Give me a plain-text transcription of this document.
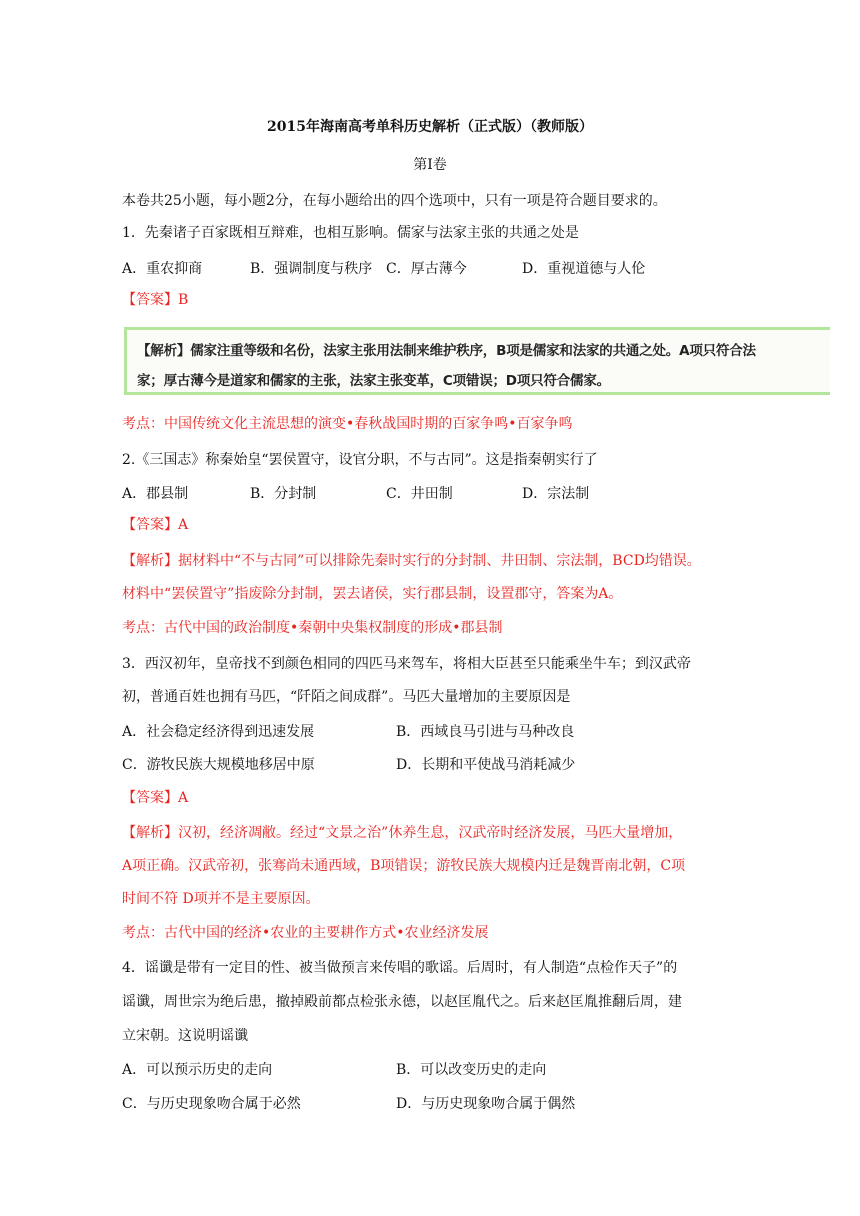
2015年海南高考单科历史解析（正式版）（教师版）
第Ⅰ卷
本卷共25小题，每小题2分，在每小题给出的四个选项中，只有一项是符合题目要求的。
1．先秦诸子百家既相互辩难，也相互影响。儒家与法家主张的共通之处是
A．重农抑商	B．强调制度与秩序 C．厚古薄今	D．重视道德与人伦
【答案】B
【解析】儒家注重等级和名份，法家主张用法制来维护秩序，B项是儒家和法家的共通之处。A项只符合法
家；厚古薄今是道家和儒家的主张，法家主张变革，C项错误；D项只符合儒家。
考点：中国传统文化主流思想的演变•春秋战国时期的百家争鸣•百家争鸣
2.《三国志》称秦始皇“罢侯置守，设官分职，不与古同”。这是指秦朝实行了
A．郡县制	B．分封制	C．井田制	D．宗法制
【答案】A
【解析】据材料中“不与古同”可以排除先秦时实行的分封制、井田制、宗法制，BCD均错误。
材料中“罢侯置守”指废除分封制，罢去诸侯，实行郡县制，设置郡守，答案为A。
考点：古代中国的政治制度•秦朝中央集权制度的形成•郡县制
3．西汉初年，皇帝找不到颜色相同的四匹马来驾车，将相大臣甚至只能乘坐牛车；到汉武帝
初，普通百姓也拥有马匹，“阡陌之间成群”。马匹大量增加的主要原因是
A．社会稳定经济得到迅速发展	B．西域良马引进与马种改良
C．游牧民族大规模地移居中原	D．长期和平使战马消耗减少
【答案】A
【解析】汉初，经济凋敝。经过“文景之治”休养生息，汉武帝时经济发展，马匹大量增加，
A项正确。汉武帝初，张骞尚未通西域，B项错误；游牧民族大规模内迁是魏晋南北朝，C项
时间不符 D项并不是主要原因。
考点：古代中国的经济•农业的主要耕作方式•农业经济发展
4．谣谶是带有一定目的性、被当做预言来传唱的歌谣。后周时，有人制造“点检作天子”的
谣谶，周世宗为绝后患，撤掉殿前都点检张永德，以赵匡胤代之。后来赵匡胤推翻后周，建
立宋朝。这说明谣谶
A．可以预示历史的走向	B．可以改变历史的走向
C．与历史现象吻合属于必然	D．与历史现象吻合属于偶然
